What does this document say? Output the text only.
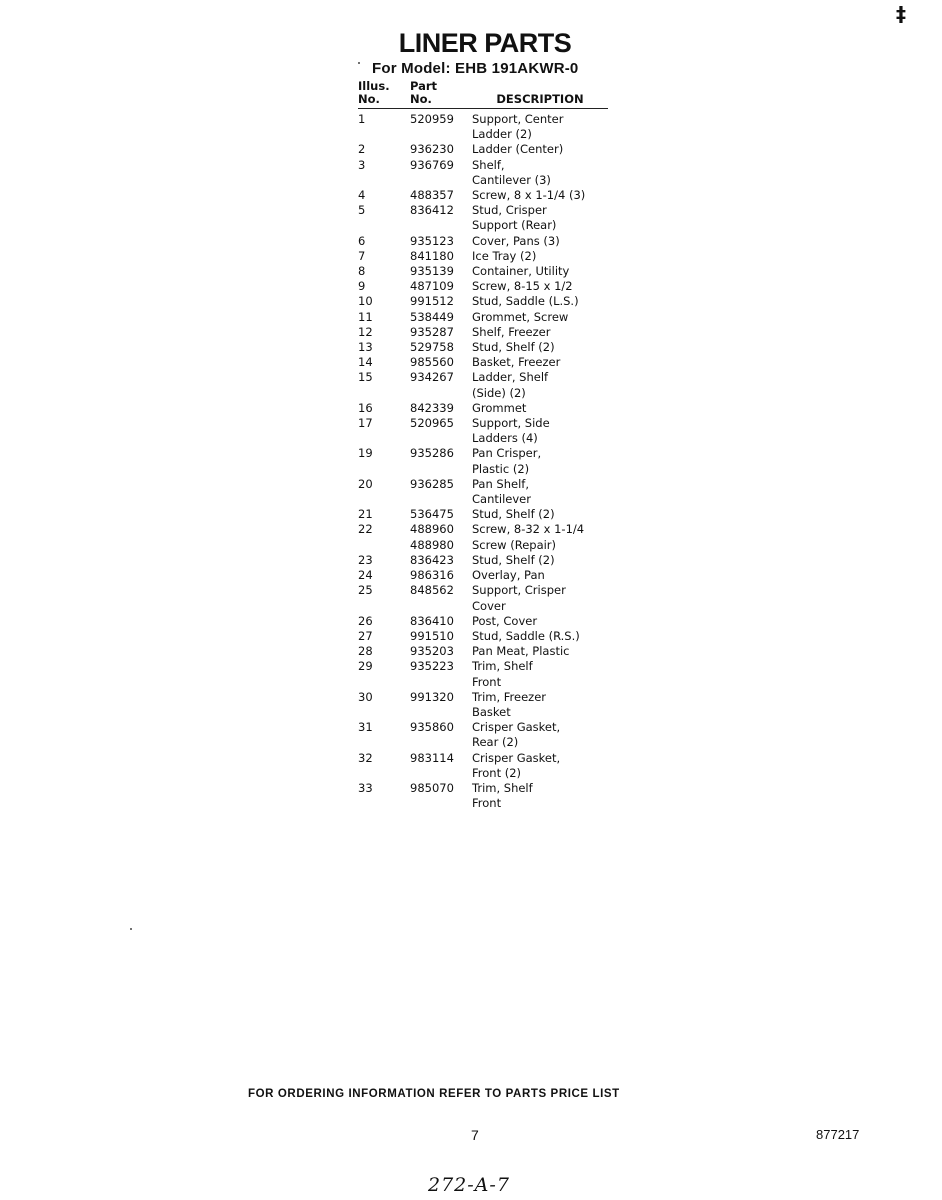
‡
LINER PARTS
For Model: EHB 191AKWR-0
Illus.	Part	
No.	No.	DESCRIPTION
1	520959	Support, Center
Ladder (2)

2	936230	Ladder (Center)

3	936769	Shelf,
Cantilever (3)

4	488357	Screw, 8 x 1-1/4 (3)

5	836412	Stud, Crisper
Support (Rear)

6	935123	Cover, Pans (3)

7	841180	Ice Tray (2)

8	935139	Container, Utility

9	487109	Screw, 8-15 x 1/2

10	991512	Stud, Saddle (L.S.)

11	538449	Grommet, Screw

12	935287	Shelf, Freezer

13	529758	Stud, Shelf (2)

14	985560	Basket, Freezer

15	934267	Ladder, Shelf
(Side) (2)

16	842339	Grommet

17	520965	Support, Side
Ladders (4)

19	935286	Pan Crisper,
Plastic (2)

20	936285	Pan Shelf,
Cantilever

21	536475	Stud, Shelf (2)

22	488960	Screw, 8-32 x 1-1/4

	488980	Screw (Repair)

23	836423	Stud, Shelf (2)

24	986316	Overlay, Pan

25	848562	Support, Crisper
Cover

26	836410	Post, Cover

27	991510	Stud, Saddle (R.S.)

28	935203	Pan Meat, Plastic

29	935223	Trim, Shelf
Front

30	991320	Trim, Freezer
Basket

31	935860	Crisper Gasket,
Rear (2)

32	983114	Crisper Gasket,
Front (2)

33	985070	Trim, Shelf
Front

FOR ORDERING INFORMATION REFER TO PARTS PRICE LIST

7	877217
272-A-7
